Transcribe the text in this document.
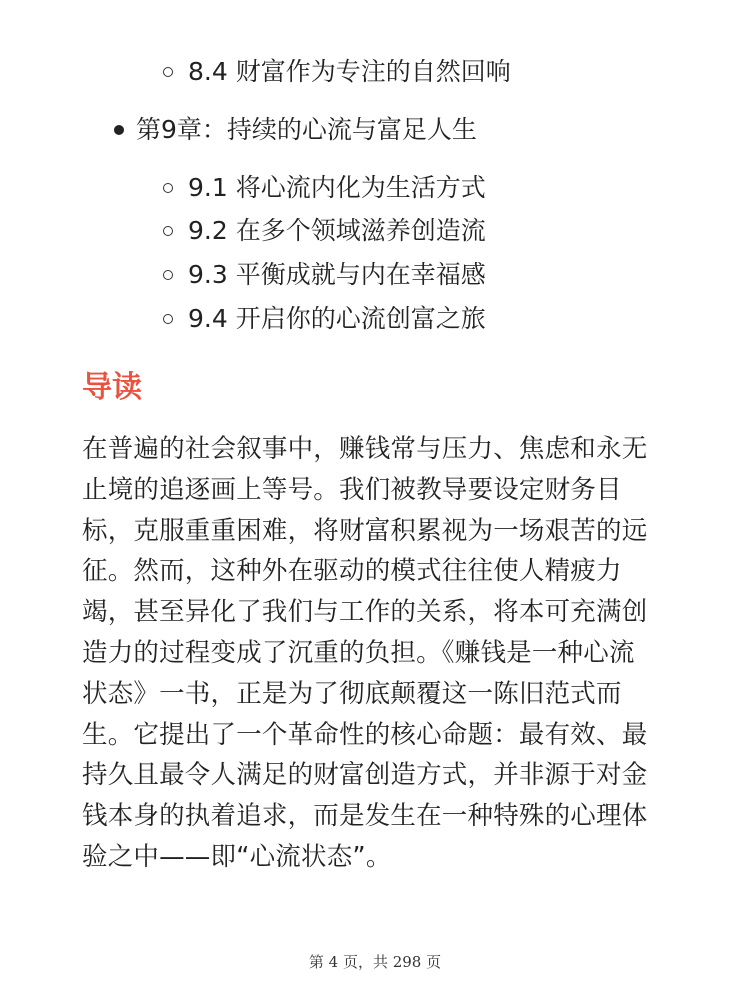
8.4 财富作为专注的自然回响
第9章：持续的心流与富足人生
9.1 将心流内化为生活方式
9.2 在多个领域滋养创造流
9.3 平衡成就与内在幸福感
9.4 开启你的心流创富之旅
导读
在普遍的社会叙事中，赚钱常与压力、焦虑和永无
止境的追逐画上等号。我们被教导要设定财务目
标，克服重重困难，将财富积累视为一场艰苦的远
征。然而，这种外在驱动的模式往往使人精疲力
竭，甚至异化了我们与工作的关系，将本可充满创
造力的过程变成了沉重的负担。《赚钱是一种心流
状态》一书，正是为了彻底颠覆这一陈旧范式而
生。它提出了一个革命性的核心命题：最有效、最
持久且最令人满足的财富创造方式，并非源于对金
钱本身的执着追求，而是发生在一种特殊的心理体
验之中——即“心流状态”。
第 4 页，共 298 页
